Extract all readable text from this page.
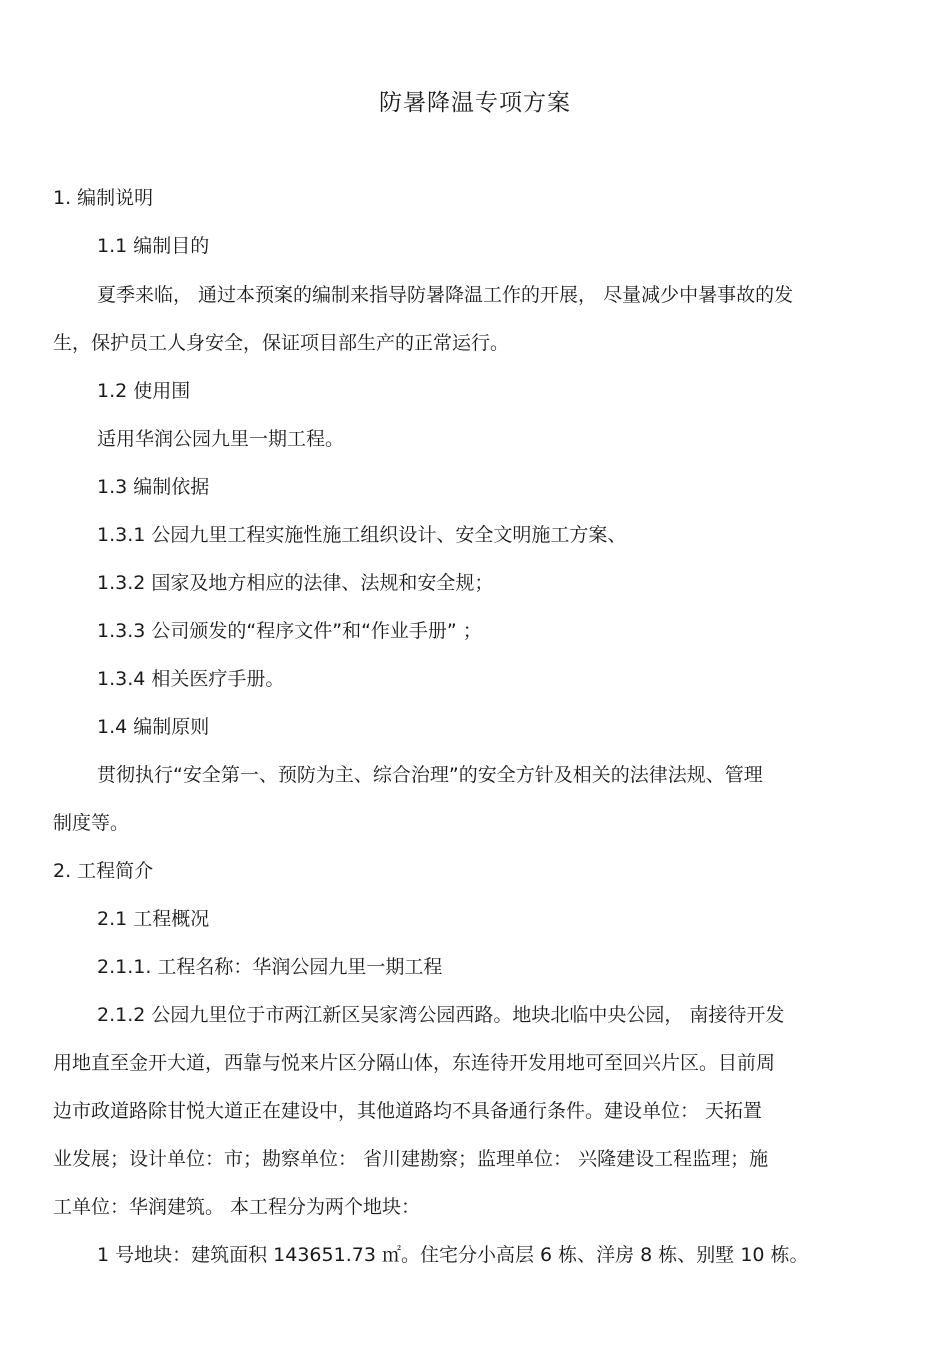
防暑降温专项方案
1. 编制说明
1.1 编制目的
夏季来临， 通过本预案的编制来指导防暑降温工作的开展， 尽量减少中暑事故的发
生，保护员工人身安全，保证项目部生产的正常运行。
1.2 使用围
适用华润公园九里一期工程。
1.3 编制依据
1.3.1 公园九里工程实施性施工组织设计、安全文明施工方案、
1.3.2 国家及地方相应的法律、法规和安全规；
1.3.3 公司颁发的“程序文件”和“作业手册” ；
1.3.4 相关医疗手册。
1.4 编制原则
贯彻执行“安全第一、预防为主、综合治理”的安全方针及相关的法律法规、管理
制度等。
2. 工程简介
2.1 工程概况
2.1.1. 工程名称：华润公园九里一期工程
2.1.2 公园九里位于市两江新区吴家湾公园西路。地块北临中央公园， 南接待开发
用地直至金开大道，西靠与悦来片区分隔山体，东连待开发用地可至回兴片区。目前周
边市政道路除甘悦大道正在建设中，其他道路均不具备通行条件。建设单位： 天拓置
业发展；设计单位：市；勘察单位： 省川建勘察；监理单位： 兴隆建设工程监理；施
工单位：华润建筑。 本工程分为两个地块：
1 号地块：建筑面积 143651.73 ㎡。住宅分小高层 6 栋、洋房 8 栋、别墅 10 栋。
